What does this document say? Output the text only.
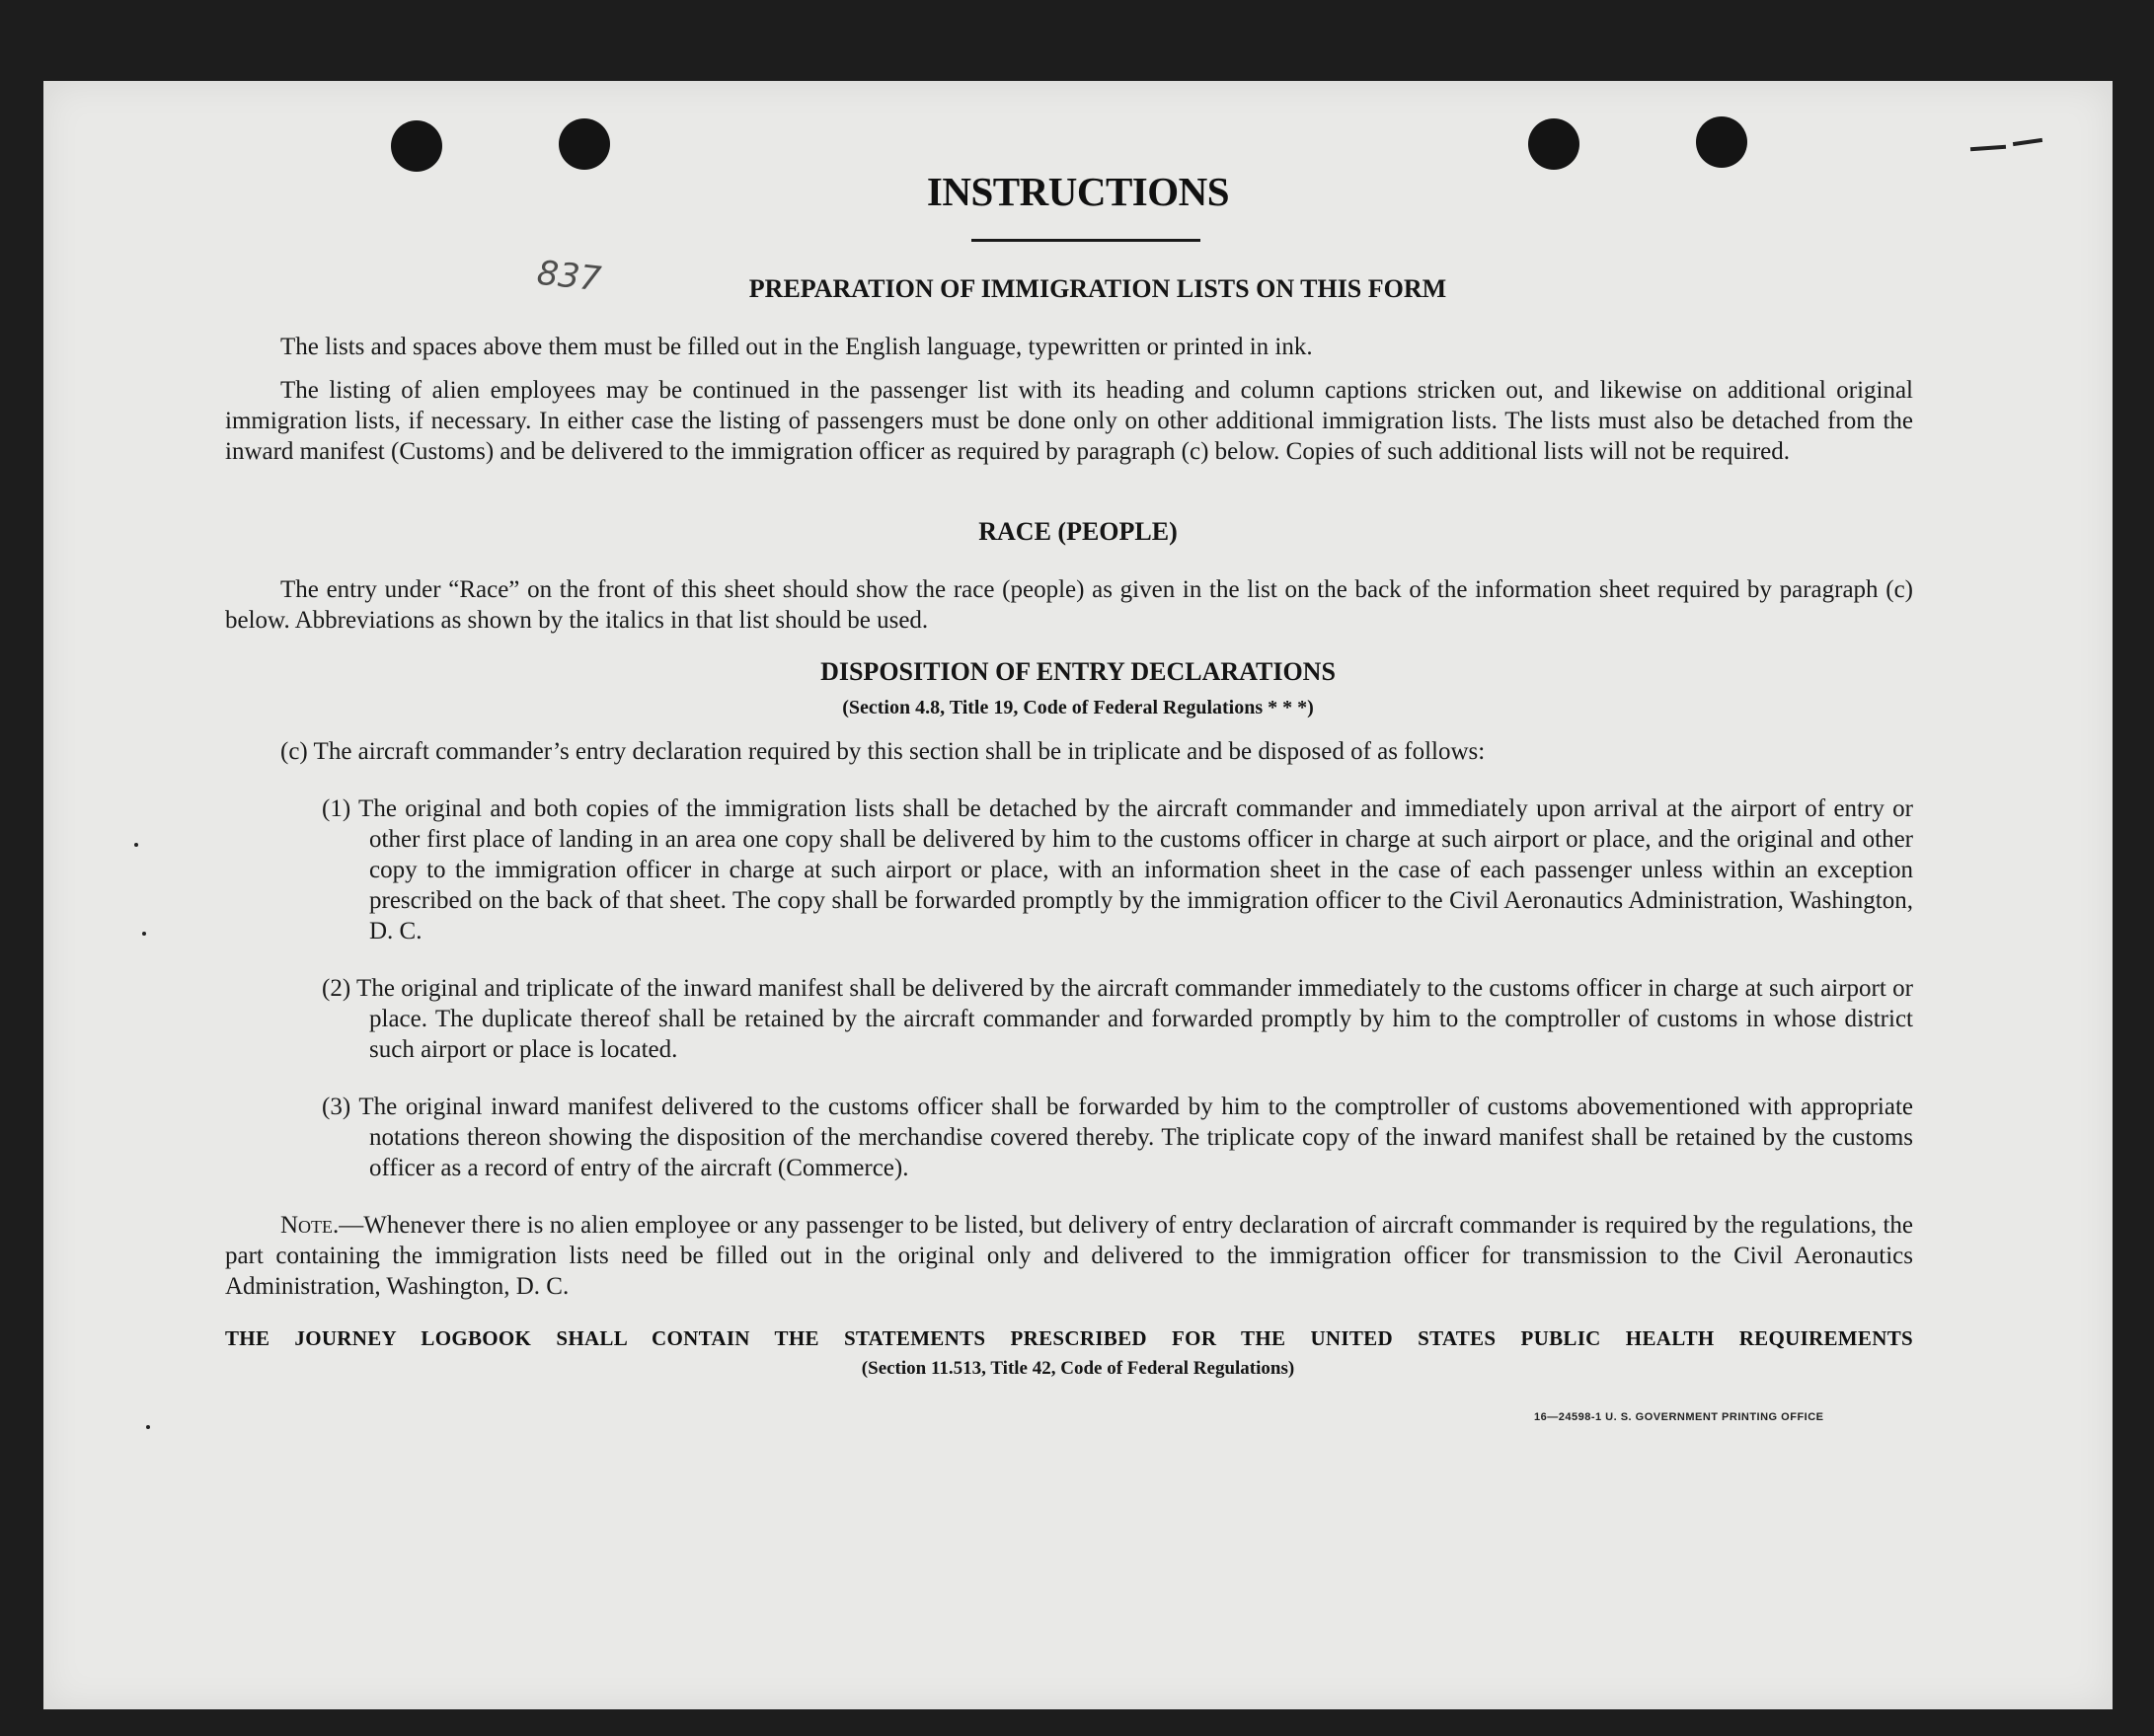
INSTRUCTIONS
837	PREPARATION OF IMMIGRATION LISTS ON THIS FORM
The lists and spaces above them must be filled out in the English language, typewritten or printed in ink.
The listing of alien employees may be continued in the passenger list with its heading and column captions stricken out, and likewise on additional original immigration lists, if necessary. In either case the listing of passengers must be done only on other additional immigration lists. The lists must also be detached from the inward manifest (Customs) and be delivered to the immigration officer as required by paragraph (c) below. Copies of such additional lists will not be required.
RACE (PEOPLE)
The entry under “Race” on the front of this sheet should show the race (people) as given in the list on the back of the information sheet required by paragraph (c) below. Abbreviations as shown by the italics in that list should be used.
DISPOSITION OF ENTRY DECLARATIONS
(Section 4.8, Title 19, Code of Federal Regulations * * *)
(c) The aircraft commander’s entry declaration required by this section shall be in triplicate and be disposed of as follows:
(1) The original and both copies of the immigration lists shall be detached by the aircraft commander and immediately upon arrival at the airport of entry or other first place of landing in an area one copy shall be delivered by him to the customs officer in charge at such airport or place, and the original and other copy to the immigration officer in charge at such airport or place, with an information sheet in the case of each passenger unless within an exception prescribed on the back of that sheet. The copy shall be forwarded promptly by the immigration officer to the Civil Aeronautics Administration, Washington, D. C.
(2) The original and triplicate of the inward manifest shall be delivered by the aircraft commander immediately to the customs officer in charge at such airport or place. The duplicate thereof shall be retained by the aircraft commander and forwarded promptly by him to the comptroller of customs in whose district such airport or place is located.
(3) The original inward manifest delivered to the customs officer shall be forwarded by him to the comptroller of customs abovementioned with appropriate notations thereon showing the disposition of the merchandise covered thereby. The triplicate copy of the inward manifest shall be retained by the customs officer as a record of entry of the aircraft (Commerce).
Note.—Whenever there is no alien employee or any passenger to be listed, but delivery of entry declaration of aircraft commander is required by the regulations, the part containing the immigration lists need be filled out in the original only and delivered to the immigration officer for transmission to the Civil Aeronautics Administration, Washington, D. C.
THE JOURNEY LOGBOOK SHALL CONTAIN THE STATEMENTS PRESCRIBED FOR THE UNITED STATES PUBLIC HEALTH REQUIREMENTS
(Section 11.513, Title 42, Code of Federal Regulations)
16—24598-1 U. S. GOVERNMENT PRINTING OFFICE
